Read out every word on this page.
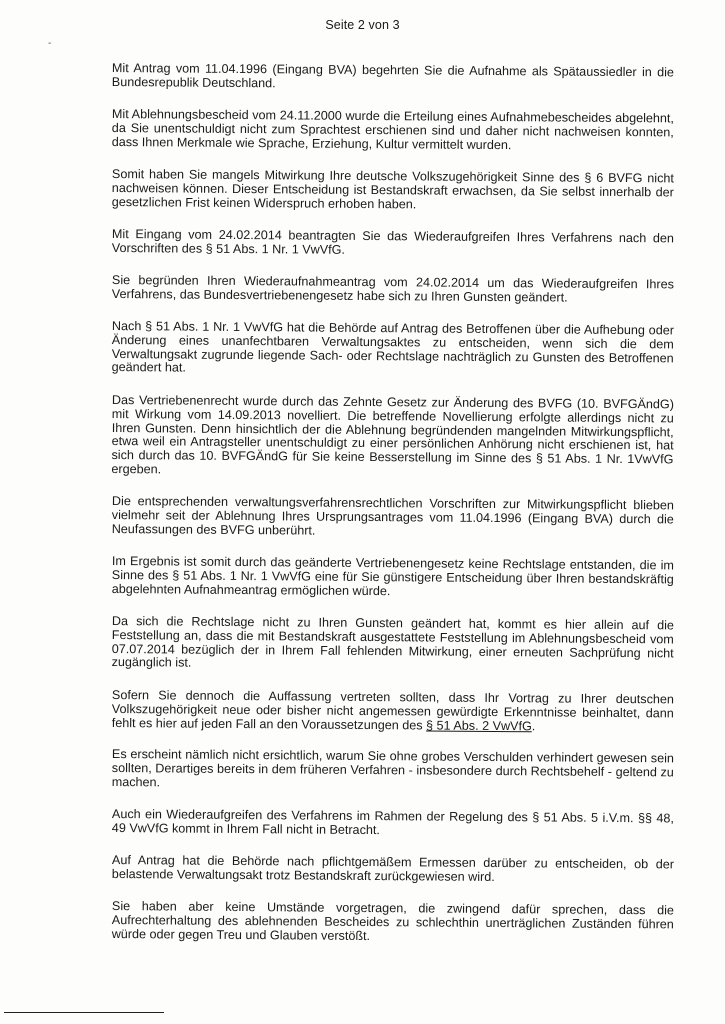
Seite 2 von 3
-

Mit Antrag vom 11.04.1996 (Eingang BVA) begehrten Sie die Aufnahme als Spätaussiedler in die Bundesrepublik Deutschland.

Mit Ablehnungsbescheid vom 24.11.2000 wurde die Erteilung eines Aufnahmebescheides abgelehnt, da Sie unentschuldigt nicht zum Sprachtest erschienen sind und daher nicht nachweisen konnten, dass Ihnen Merkmale wie Sprache, Erziehung, Kultur vermittelt wurden.

Somit haben Sie mangels Mitwirkung Ihre deutsche Volkszugehörigkeit Sinne des § 6 BVFG nicht nachweisen können. Dieser Entscheidung ist Bestandskraft erwachsen, da Sie selbst innerhalb der gesetzlichen Frist keinen Widerspruch erhoben haben.

Mit Eingang vom 24.02.2014 beantragten Sie das Wiederaufgreifen Ihres Verfahrens nach den Vorschriften des § 51 Abs. 1 Nr. 1 VwVfG.

Sie begründen Ihren Wiederaufnahmeantrag vom 24.02.2014 um das Wiederaufgreifen Ihres Verfahrens, das Bundesvertriebenengesetz habe sich zu Ihren Gunsten geändert.

Nach § 51 Abs. 1 Nr. 1 VwVfG hat die Behörde auf Antrag des Betroffenen über die Aufhebung oder Änderung eines unanfechtbaren Verwaltungsaktes zu entscheiden, wenn sich die dem Verwaltungsakt zugrunde liegende Sach- oder Rechtslage nachträglich zu Gunsten des Betroffenen geändert hat.

Das Vertriebenenrecht wurde durch das Zehnte Gesetz zur Änderung des BVFG (10. BVFGÄndG) mit Wirkung vom 14.09.2013 novelliert. Die betreffende Novellierung erfolgte allerdings nicht zu Ihren Gunsten. Denn hinsichtlich der die Ablehnung begründenden mangelnden Mitwirkungspflicht, etwa weil ein Antragsteller unentschuldigt zu einer persönlichen Anhörung nicht erschienen ist, hat sich durch das 10. BVFGÄndG für Sie keine Besserstellung im Sinne des § 51 Abs. 1 Nr. 1VwVfG ergeben.

Die entsprechenden verwaltungsverfahrensrechtlichen Vorschriften zur Mitwirkungspflicht blieben vielmehr seit der Ablehnung Ihres Ursprungsantrages vom 11.04.1996 (Eingang BVA) durch die Neufassungen des BVFG unberührt.

Im Ergebnis ist somit durch das geänderte Vertriebenengesetz keine Rechtslage entstanden, die im Sinne des § 51 Abs. 1 Nr. 1 VwVfG eine für Sie günstigere Entscheidung über Ihren bestandskräftig abgelehnten Aufnahmeantrag ermöglichen würde.

Da sich die Rechtslage nicht zu Ihren Gunsten geändert hat, kommt es hier allein auf die Feststellung an, dass die mit Bestandskraft ausgestattete Feststellung im Ablehnungsbescheid vom 07.07.2014 bezüglich der in Ihrem Fall fehlenden Mitwirkung, einer erneuten Sachprüfung nicht zugänglich ist.

Sofern Sie dennoch die Auffassung vertreten sollten, dass Ihr Vortrag zu Ihrer deutschen Volkszugehörigkeit neue oder bisher nicht angemessen gewürdigte Erkenntnisse beinhaltet, dann fehlt es hier auf jeden Fall an den Voraussetzungen des § 51 Abs. 2 VwVfG.

Es erscheint nämlich nicht ersichtlich, warum Sie ohne grobes Verschulden verhindert gewesen sein sollten, Derartiges bereits in dem früheren Verfahren - insbesondere durch Rechtsbehelf - geltend zu machen.

Auch ein Wiederaufgreifen des Verfahrens im Rahmen der Regelung des § 51 Abs. 5 i.V.m. §§ 48, 49 VwVfG kommt in Ihrem Fall nicht in Betracht.

Auf Antrag hat die Behörde nach pflichtgemäßem Ermessen darüber zu entscheiden, ob der belastende Verwaltungsakt trotz Bestandskraft zurückgewiesen wird.

Sie haben aber keine Umstände vorgetragen, die zwingend dafür sprechen, dass die Aufrechterhaltung des ablehnenden Bescheides zu schlechthin unerträglichen Zuständen führen würde oder gegen Treu und Glauben verstößt.
